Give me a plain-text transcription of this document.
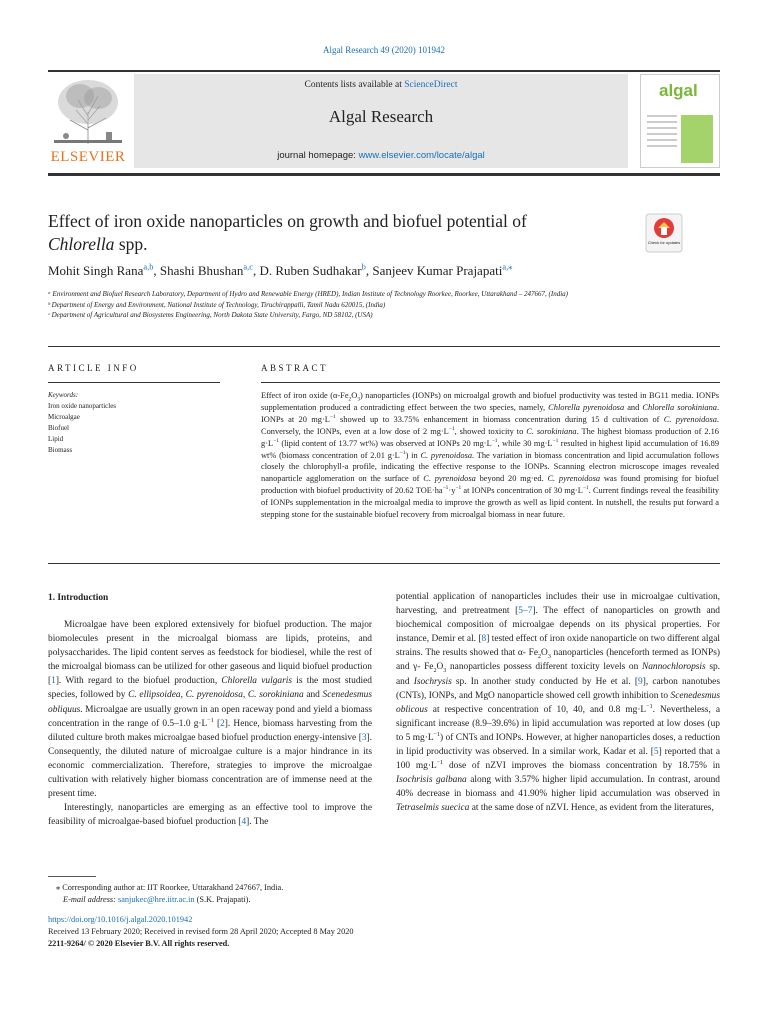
Algal Research 49 (2020) 101942
ELSEVIER
Contents lists available at ScienceDirect
Algal Research
journal homepage: www.elsevier.com/locate/algal
algal
Effect of iron oxide nanoparticles on growth and biofuel potential of
Chlorella spp.	Check for updates
Mohit Singh Rana$^{a,b}$, Shashi Bhushan$^{a,c}$, D. Ruben Sudhakar$^b$, Sanjeev Kumar Prajapati$^{a,⁎}$
ᵃ Environment and Biofuel Research Laboratory, Department of Hydro and Renewable Energy (HRED), Indian Institute of Technology Roorkee, Roorkee, Uttarakhand – 247667, (India)
ᵇ Department of Energy and Environment, National Institute of Technology, Tiruchirappalli, Tamil Nadu 620015, (India)
ᶜ Department of Agricultural and Biosystems Engineering, North Dakota State University, Fargo, ND 58102, (USA)
ARTICLE INFO
Keywords:
Iron oxide nanoparticles
Microalgae
Biofuel
Lipid
Biomass
ABSTRACT
Effect of iron oxide $(\alpha-Fe_2O_3)$ nanoparticles (IONPs) on microalgal growth and biofuel productivity was tested in BG11 media. IONPs supplementation produced a contradicting effect between the two species, namely, Chlorella pyrenoidosa and Chlorella sorokiniana. IONPs at 20 $mg\cdot L^{-1}$ showed up to 33.75% enhancement in biomass concentration during 15 d cultivation of C. pyrenoidosa. Conversely, the IONPs, even at a low dose of 2 $mg\cdot L^{-1}$, showed toxicity to C. sorokiniana. The highest biomass production of 2.16 $g\cdot L^{-1}$ (lipid content of 13.77 wt%) was observed at IONPs 20 $mg\cdot L^{-1}$, while 30 $mg\cdot L^{-1}$ resulted in highest lipid accumulation of 16.89 wt% (biomass concentration of 2.01 $g\cdot L^{-1}$) in C. pyrenoidosa. The variation in biomass concentration and lipid accumulation follows closely the chlorophyll-a profile, indicating the effective response to the IONPs. Scanning electron microscope images revealed nanoparticle agglomeration on the surface of C. pyrenoidosa beyond 20 mg·ed. C. pyrenoidosa was found promising for biofuel production with biofuel productivity of 20.62 $TOE\cdot ha^{-1}\cdot y^{-1}$ at IONPs concentration of 30 $mg\cdot L^{-1}$. Current findings reveal the feasibility of IONPs supplementation in the microalgal media to improve the growth as well as lipid content. In nutshell, the results put forward a stepping stone for the sustainable biofuel recovery from microalgal biomass in near future.
1. Introduction
Microalgae have been explored extensively for biofuel production. The major biomolecules present in the microalgal biomass are lipids, proteins, and polysaccharides. The lipid content serves as feedstock for biodiesel, while the rest of the microalgal biomass can be utilized for other gaseous and liquid biofuel production [1]. With regard to the biofuel production, Chlorella vulgaris is the most studied species, followed by C. ellipsoidea, C. pyrenoidosa, C. sorokiniana and Scenedesmus obliquus. Microalgae are usually grown in an open raceway pond and yield a biomass concentration in the range of 0.5–1.0 $g\cdot L^{-1}$ [2]. Hence, biomass harvesting from the diluted culture broth makes microalgae based biofuel production energy-intensive [3]. Consequently, the diluted nature of microalgae culture is a major hindrance in its economic commercialization. Therefore, strategies to improve the microalgae cultivation with relatively higher biomass concentration are of immense need at the present time.
Interestingly, nanoparticles are emerging as an effective tool to improve the feasibility of microalgae-based biofuel production [4]. The
potential application of nanoparticles includes their use in microalgae cultivation, harvesting, and pretreatment [5–7]. The effect of nanoparticles on growth and biochemical composition of microalgae depends on its physical properties. For instance, Demir et al. [8] tested effect of iron oxide nanoparticle on two different algal strains. The results showed that α- $Fe_2O_3$ nanoparticles (henceforth termed as IONPs) and γ- $Fe_2O_3$ nanoparticles possess different toxicity levels on Nannochloropsis sp. and Isochrysis sp. In another study conducted by He et al. [9], carbon nanotubes (CNTs), IONPs, and MgO nanoparticle showed cell growth inhibition to Scenedesmus oblicous at respective concentration of 10, 40, and 0.8 $mg\cdot L^{-1}$. Nevertheless, a significant increase (8.9–39.6%) in lipid accumulation was reported at low doses (up to 5 $mg\cdot L^{-1}$) of CNTs and IONPs. However, at higher nanoparticles doses, a reduction in lipid productivity was observed. In a similar work, Kadar et al. [5] reported that a 100 $mg\cdot L^{-1}$ dose of nZVI improves the biomass concentration by 18.75% in Isochrisis galbana along with 3.57% higher lipid accumulation. In contrast, around 40% decrease in biomass and 41.90% higher lipid accumulation was observed in Tetraselmis suecica at the same dose of nZVI. Hence, as evident from the literatures,
⁎ Corresponding author at: IIT Roorkee, Uttarakhand 247667, India.
E-mail address: sanjukec@hre.iitr.ac.in (S.K. Prajapati).
https://doi.org/10.1016/j.algal.2020.101942
Received 13 February 2020; Received in revised form 28 April 2020; Accepted 8 May 2020
2211-9264/ © 2020 Elsevier B.V. All rights reserved.
